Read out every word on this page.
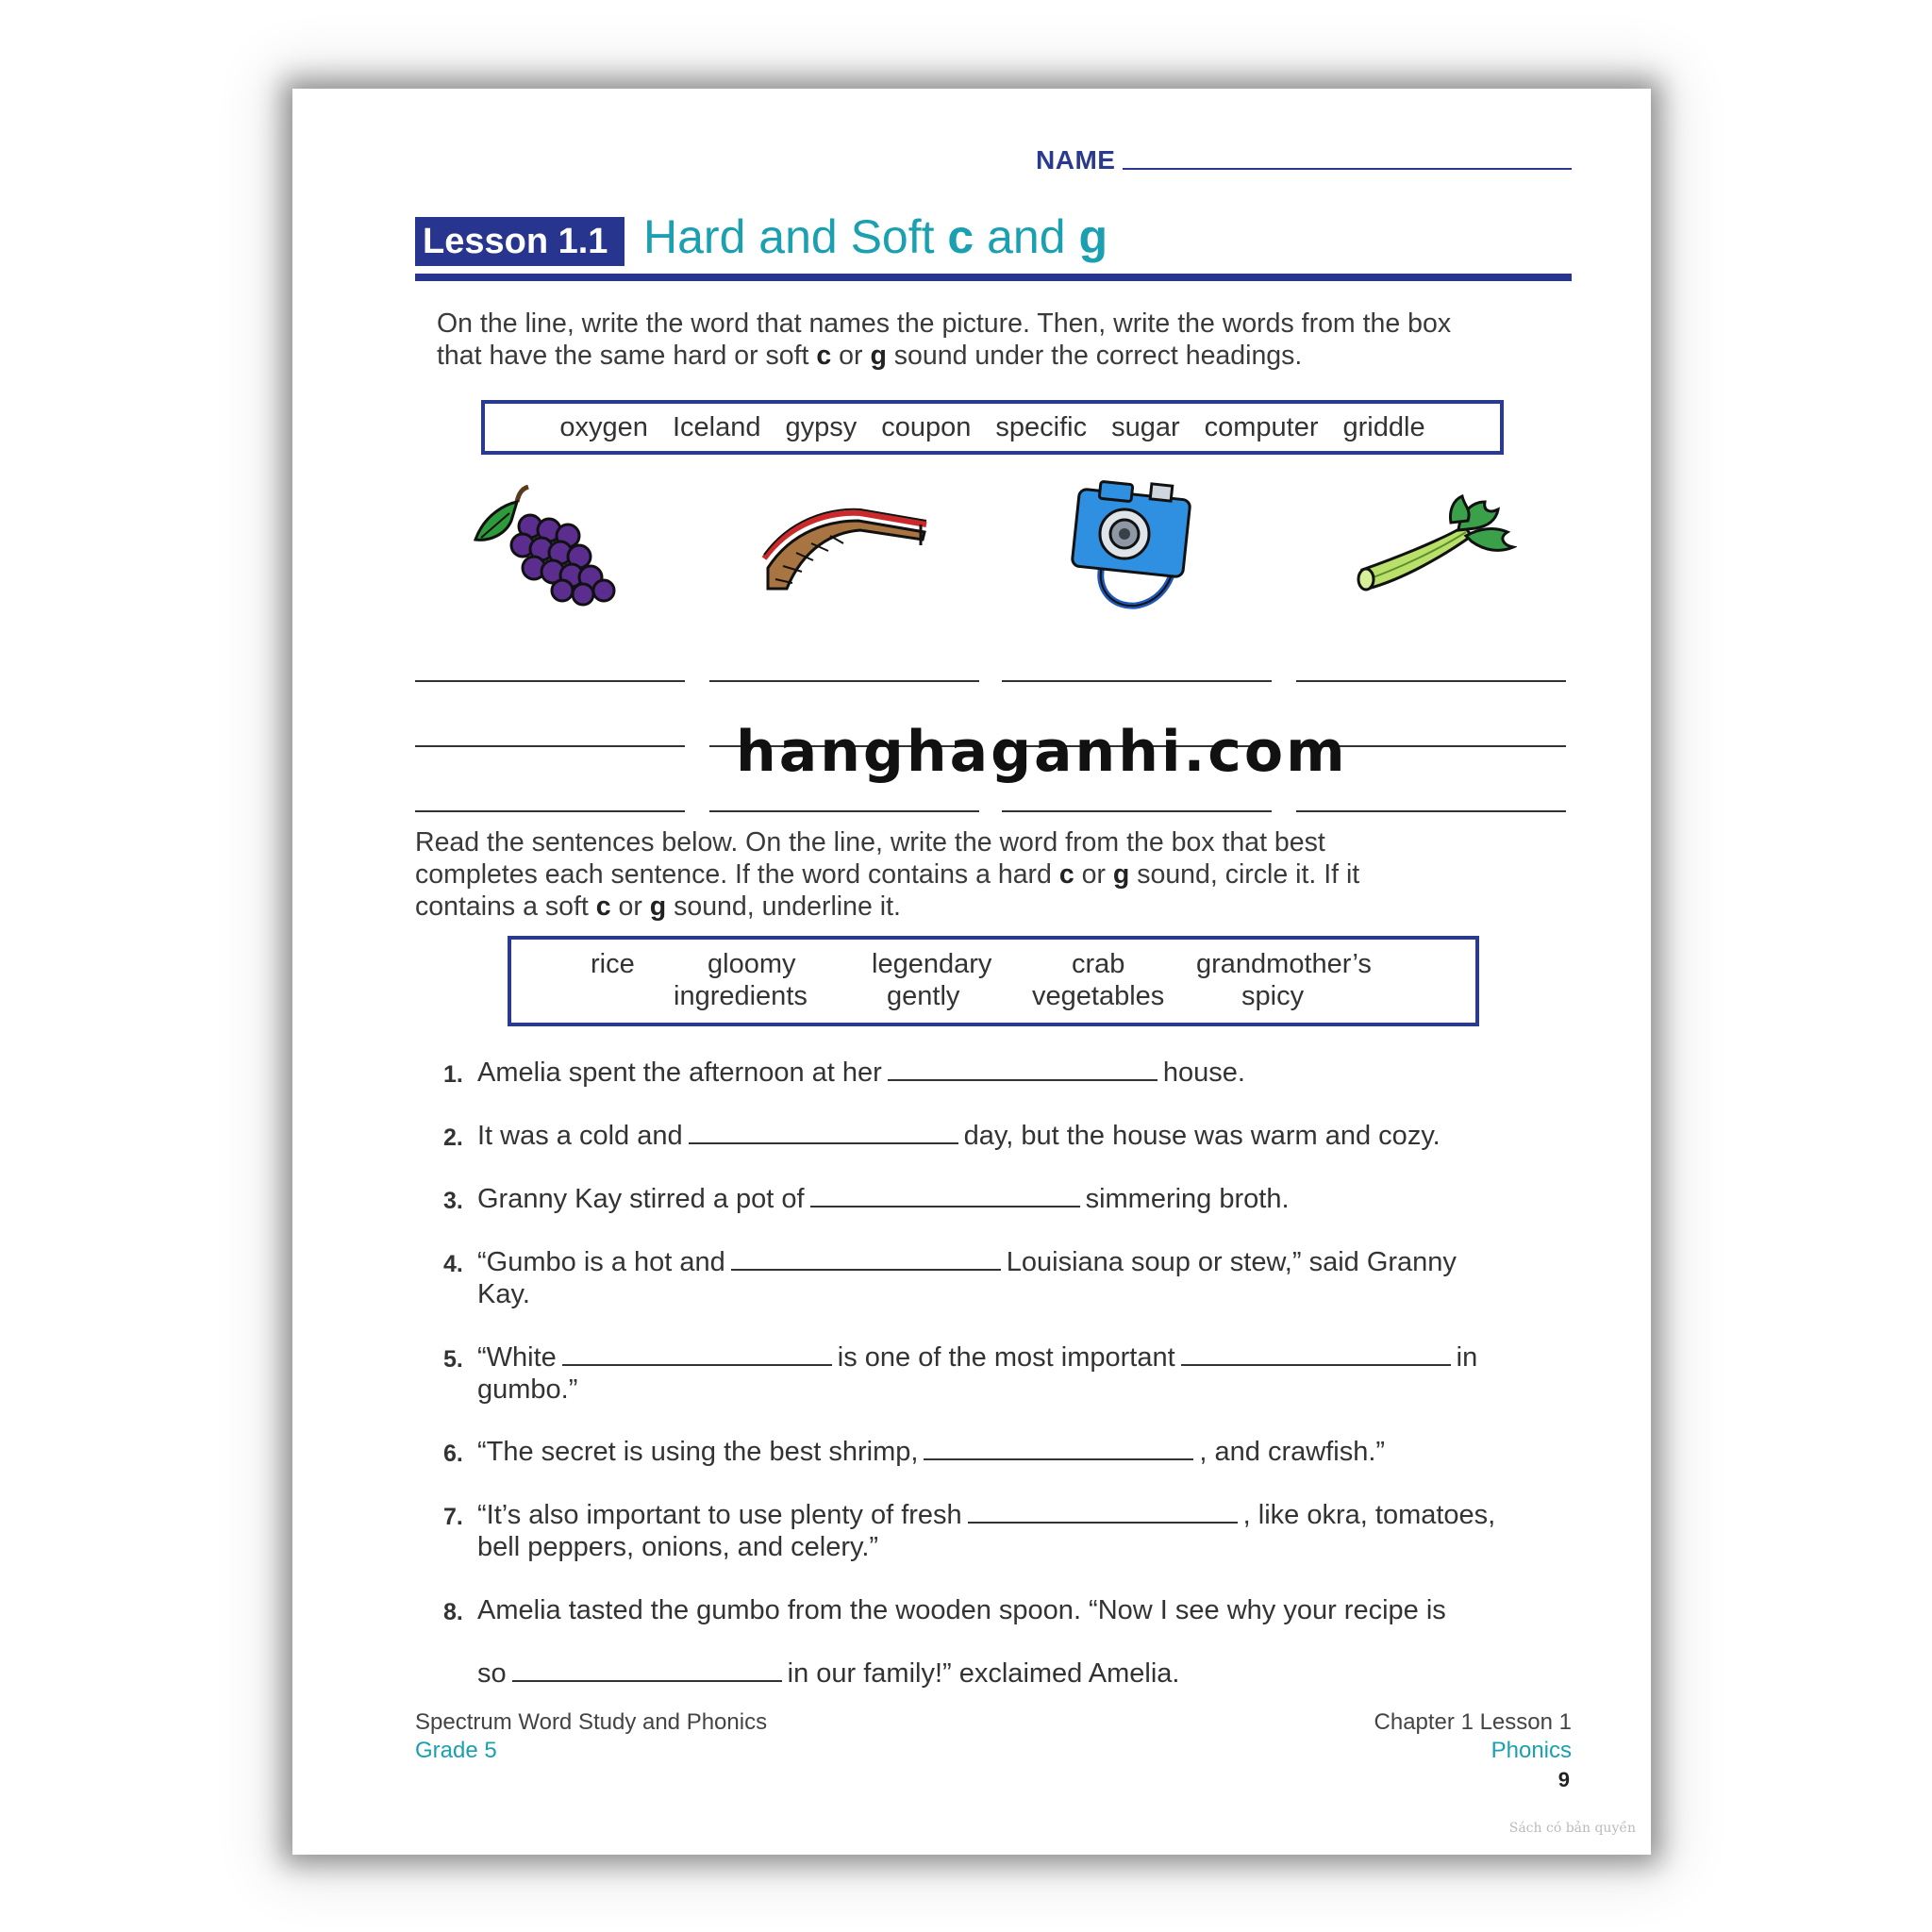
NAME
Lesson 1.1 Hard and Soft c and g
On the line, write the word that names the picture. Then, write the words from the box
that have the same hard or soft c or g sound under the correct headings.
oxygen Iceland gypsy coupon specific sugar computer griddle
hanghaganhi.com
Read the sentences below. On the line, write the word from the box that best
completes each sentence. If the word contains a hard c or g sound, circle it. If it
contains a soft c or g sound, underline it.
rice	gloomy	legendary	crab	grandmother’s
ingredients	gently	vegetables	spicy
1. Amelia spent the afternoon at her	house.
2. It was a cold and	day, but the house was warm and cozy.
3. Granny Kay stirred a pot of	simmering broth.
4. “Gumbo is a hot and	Louisiana soup or stew,” said Granny
Kay.
5. “White	is one of the most important	in
gumbo.”
6. “The secret is using the best shrimp,	, and crawfish.”
7. “It’s also important to use plenty of fresh	, like okra, tomatoes,
bell peppers, onions, and celery.”
8. Amelia tasted the gumbo from the wooden spoon. “Now I see why your recipe is
so	in our family!” exclaimed Amelia.
Spectrum Word Study and Phonics
Grade 5
Chapter 1 Lesson 1
Phonics
9
Sách có bản quyền
